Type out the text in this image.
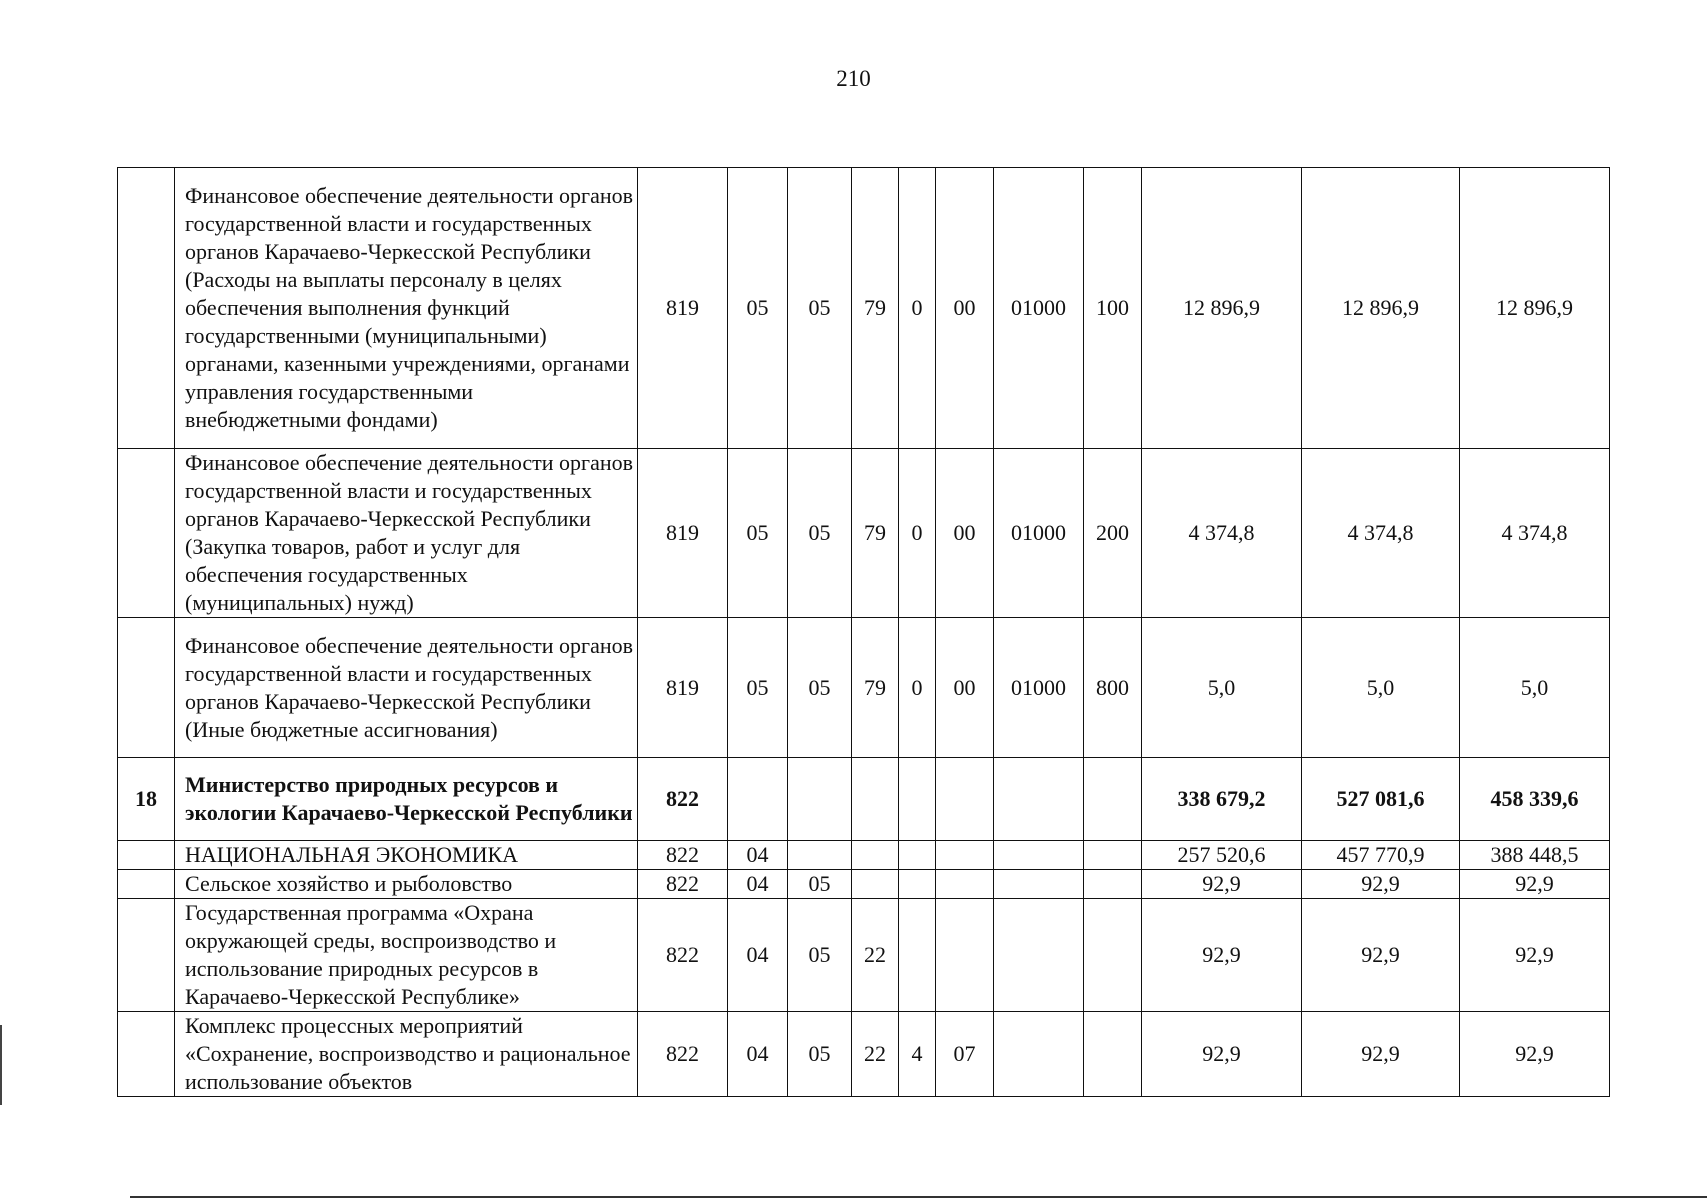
210
	Финансовое обеспечение деятельности органов государственной власти и государственных органов Карачаево-Черкесской Республики (Расходы на выплаты персоналу в целях обеспечения выполнения функций государственными (муниципальными) органами, казенными учреждениями, органами управления государственными внебюджетными фондами)	819	05	05	79	0	00	01000	100	12 896,9	12 896,9	12 896,9
	Финансовое обеспечение деятельности органов государственной власти и государственных органов Карачаево-Черкесской Республики (Закупка товаров, работ и услуг для обеспечения государственных (муниципальных) нужд)	819	05	05	79	0	00	01000	200	4 374,8	4 374,8	4 374,8
	Финансовое обеспечение деятельности органов государственной власти и государственных органов Карачаево-Черкесской Республики (Иные бюджетные ассигнования)	819	05	05	79	0	00	01000	800	5,0	5,0	5,0
18	Министерство природных ресурсов и экологии Карачаево-Черкесской Республики	822								338 679,2	527 081,6	458 339,6
	НАЦИОНАЛЬНАЯ ЭКОНОМИКА	822	04							257 520,6	457 770,9	388 448,5
	Сельское хозяйство и рыболовство	822	04	05						92,9	92,9	92,9
	Государственная программа «Охрана окружающей среды, воспроизводство и использование природных ресурсов в Карачаево-Черкесской Республике»	822	04	05	22					92,9	92,9	92,9
	Комплекс процессных мероприятий «Сохранение, воспроизводство и рациональное использование объектов	822	04	05	22	4	07			92,9	92,9	92,9
